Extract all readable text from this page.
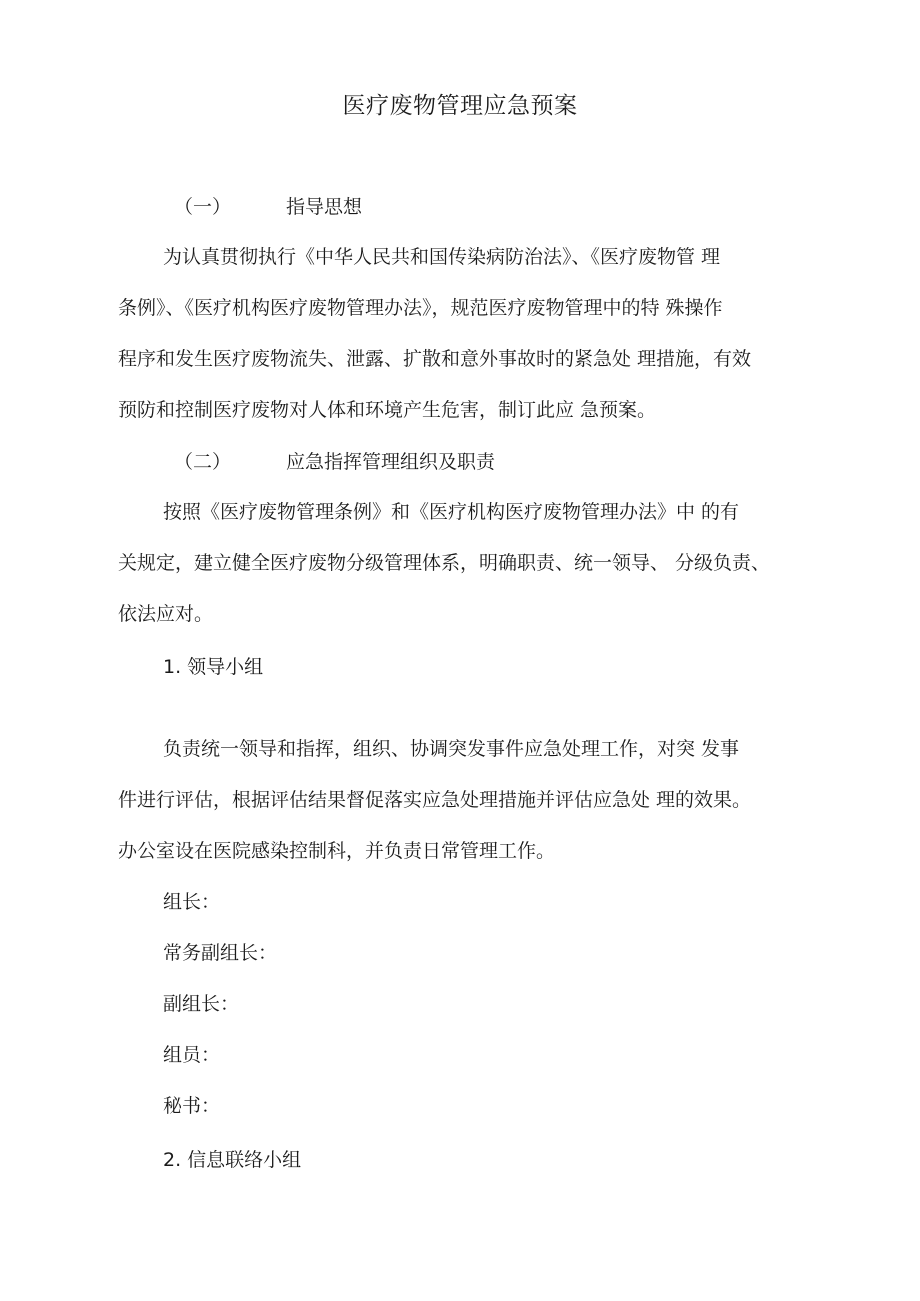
医疗废物管理应急预案
（一）	指导思想
为认真贯彻执行《中华人民共和国传染病防治法》、《医疗废物管 理
条例》、《医疗机构医疗废物管理办法》，规范医疗废物管理中的特 殊操作
程序和发生医疗废物流失、泄露、扩散和意外事故时的紧急处 理措施，有效
预防和控制医疗废物对人体和环境产生危害，制订此应 急预案。
（二）	应急指挥管理组织及职责
按照《医疗废物管理条例》和《医疗机构医疗废物管理办法》中 的有
关规定，建立健全医疗废物分级管理体系，明确职责、统一领导、 分级负责、
依法应对。
1. 领导小组
负责统一领导和指挥，组织、协调突发事件应急处理工作，对突 发事
件进行评估，根据评估结果督促落实应急处理措施并评估应急处 理的效果。
办公室设在医院感染控制科，并负责日常管理工作。
组长：
常务副组长：
副组长：
组员：
秘书：
2. 信息联络小组
